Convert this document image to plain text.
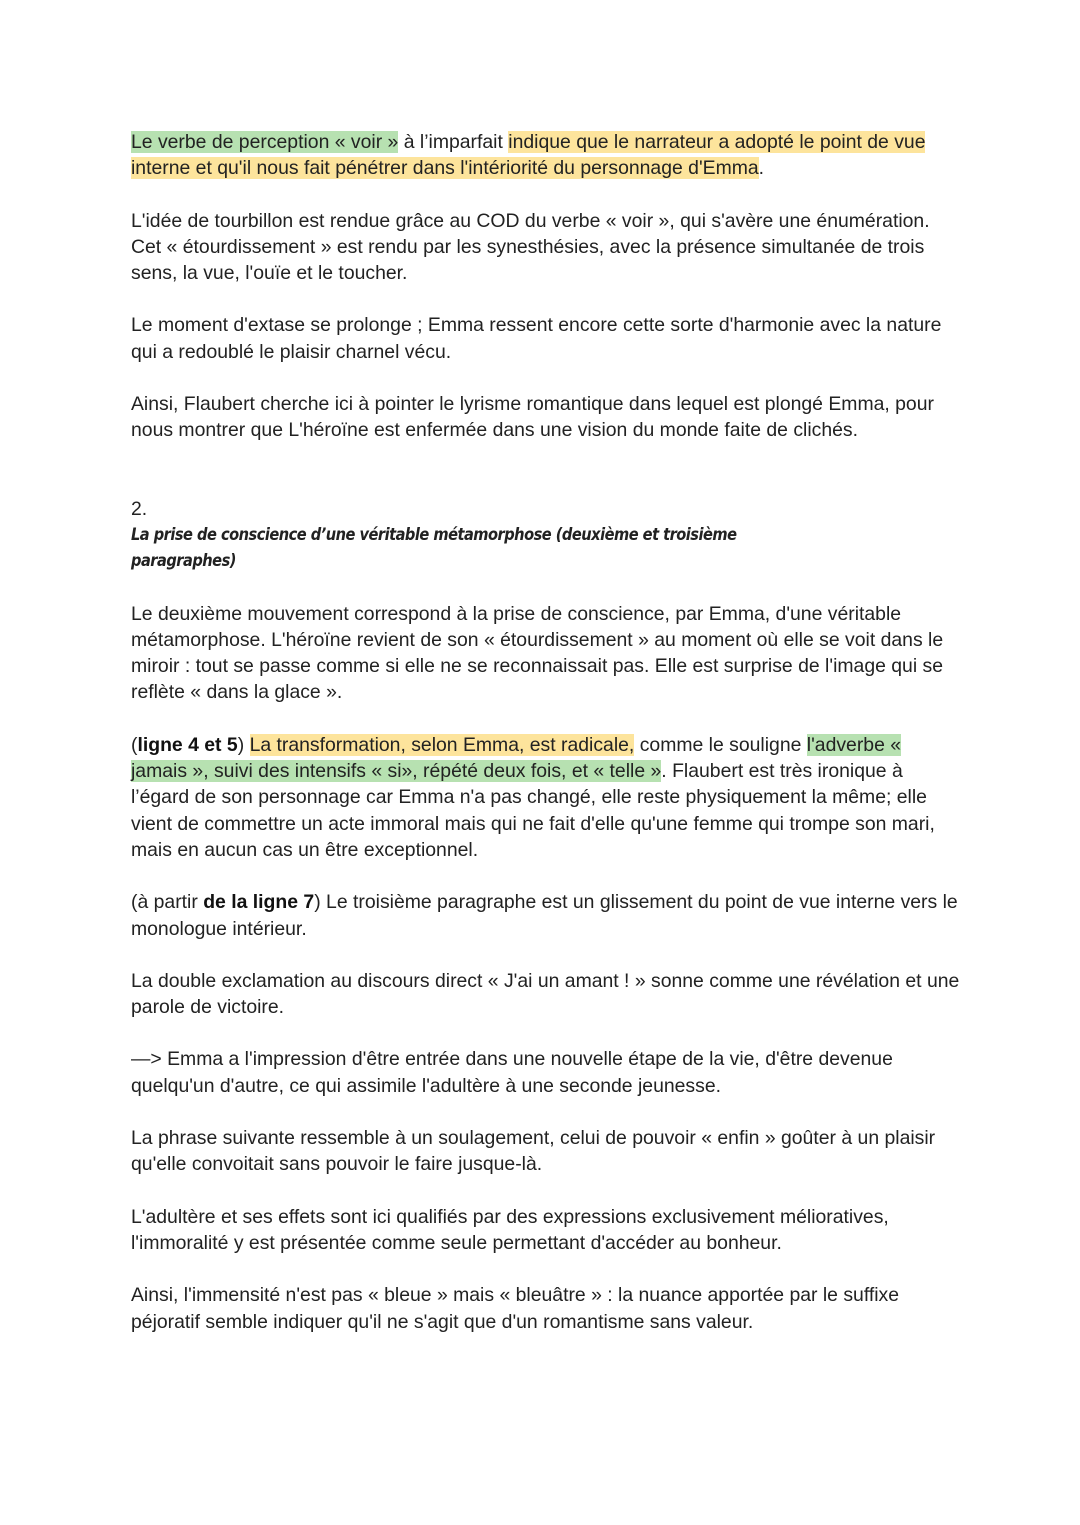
Le verbe de perception « voir » à l’imparfait indique que le narrateur a adopté le point de vue interne et qu'il nous fait pénétrer dans l'intériorité du personnage d'Emma.

L'idée de tourbillon est rendue grâce au COD du verbe « voir », qui s'avère une énumération. Cet « étourdissement » est rendu par les synesthésies, avec la présence simultanée de trois sens, la vue, l'ouïe et le toucher.

Le moment d'extase se prolonge ; Emma ressent encore cette sorte d'harmonie avec la nature qui a redoublé le plaisir charnel vécu.

Ainsi, Flaubert cherche ici à pointer le lyrisme romantique dans lequel est plongé Emma, pour nous montrer que L'héroïne est enfermée dans une vision du monde faite de clichés.

2. La prise de conscience d’une véritable métamorphose (deuxième et troisième paragraphes)

Le deuxième mouvement correspond à la prise de conscience, par Emma, d'une véritable métamorphose. L'héroïne revient de son « étourdissement » au moment où elle se voit dans le miroir : tout se passe comme si elle ne se reconnaissait pas. Elle est surprise de l'image qui se reflète « dans la glace ».

(ligne 4 et 5) La transformation, selon Emma, est radicale, comme le souligne l'adverbe « jamais », suivi des intensifs « si», répété deux fois, et « telle ». Flaubert est très ironique à l’égard de son personnage car Emma n'a pas changé, elle reste physiquement la même; elle vient de commettre un acte immoral mais qui ne fait d'elle qu'une femme qui trompe son mari, mais en aucun cas un être exceptionnel.

(à partir de la ligne 7) Le troisième paragraphe est un glissement du point de vue interne vers le monologue intérieur.

La double exclamation au discours direct « J'ai un amant ! » sonne comme une révélation et une parole de victoire.

—> Emma a l'impression d'être entrée dans une nouvelle étape de la vie, d'être devenue quelqu'un d'autre, ce qui assimile l'adultère à une seconde jeunesse.

La phrase suivante ressemble à un soulagement, celui de pouvoir « enfin » goûter à un plaisir qu'elle convoitait sans pouvoir le faire jusque-là.

L'adultère et ses effets sont ici qualifiés par des expressions exclusivement mélioratives, l'immoralité y est présentée comme seule permettant d'accéder au bonheur.

Ainsi, l'immensité n'est pas « bleue » mais « bleuâtre » : la nuance apportée par le suffixe péjoratif semble indiquer qu'il ne s'agit que d'un romantisme sans valeur.
